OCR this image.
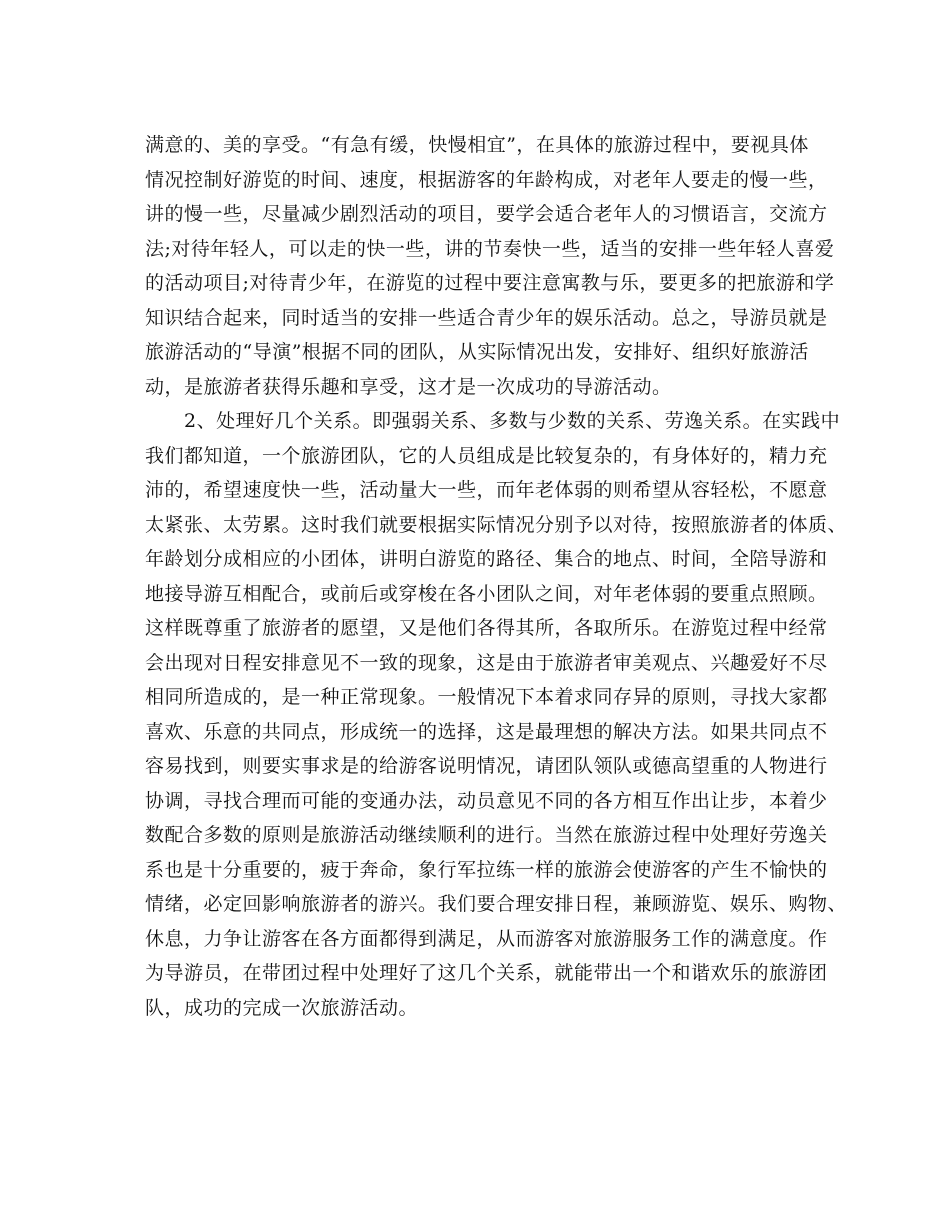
满意的、美的享受。“有急有缓，快慢相宜”，在具体的旅游过程中，要视具体
情况控制好游览的时间、速度，根据游客的年龄构成，对老年人要走的慢一些，
讲的慢一些，尽量减少剧烈活动的项目，要学会适合老年人的习惯语言，交流方
法;对待年轻人，可以走的快一些，讲的节奏快一些，适当的安排一些年轻人喜爱
的活动项目;对待青少年，在游览的过程中要注意寓教与乐，要更多的把旅游和学
知识结合起来，同时适当的安排一些适合青少年的娱乐活动。总之，导游员就是
旅游活动的“导演”根据不同的团队，从实际情况出发，安排好、组织好旅游活
动，是旅游者获得乐趣和享受，这才是一次成功的导游活动。
　　2、处理好几个关系。即强弱关系、多数与少数的关系、劳逸关系。在实践中
我们都知道，一个旅游团队，它的人员组成是比较复杂的，有身体好的，精力充
沛的，希望速度快一些，活动量大一些，而年老体弱的则希望从容轻松，不愿意
太紧张、太劳累。这时我们就要根据实际情况分别予以对待，按照旅游者的体质、
年龄划分成相应的小团体，讲明白游览的路径、集合的地点、时间，全陪导游和
地接导游互相配合，或前后或穿梭在各小团队之间，对年老体弱的要重点照顾。
这样既尊重了旅游者的愿望，又是他们各得其所，各取所乐。在游览过程中经常
会出现对日程安排意见不一致的现象，这是由于旅游者审美观点、兴趣爱好不尽
相同所造成的，是一种正常现象。一般情况下本着求同存异的原则，寻找大家都
喜欢、乐意的共同点，形成统一的选择，这是最理想的解决方法。如果共同点不
容易找到，则要实事求是的给游客说明情况，请团队领队或德高望重的人物进行
协调，寻找合理而可能的变通办法，动员意见不同的各方相互作出让步，本着少
数配合多数的原则是旅游活动继续顺利的进行。当然在旅游过程中处理好劳逸关
系也是十分重要的，疲于奔命，象行军拉练一样的旅游会使游客的产生不愉快的
情绪，必定回影响旅游者的游兴。我们要合理安排日程，兼顾游览、娱乐、购物、
休息，力争让游客在各方面都得到满足，从而游客对旅游服务工作的满意度。作
为导游员，在带团过程中处理好了这几个关系，就能带出一个和谐欢乐的旅游团
队，成功的完成一次旅游活动。
